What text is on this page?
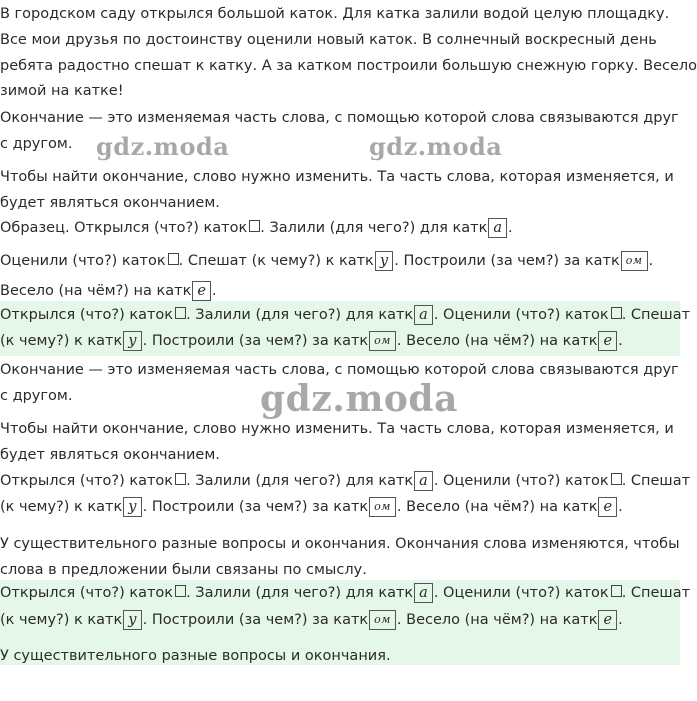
В городском саду открылся большой каток. Для катка залили водой целую площадку.
Все мои друзья по достоинству оценили новый каток. В солнечный воскресный день
ребята радостно спешат к катку. А за катком построили большую снежную горку. Весело
зимой на катке!
Окончание — это изменяемая часть слова, с помощью которой слова связываются друг
с другом.
Чтобы найти окончание, слово нужно изменить. Та часть слова, которая изменяется, и
будет являться окончанием.
Образец. Открылся (что?) каток . Залили (для чего?) для катк а .
Оценили (что?) каток . Спешат (к чему?) к катк у . Построили (за чем?) за катк ом .
Весело (на чём?) на катк е .
Открылся (что?) каток . Залили (для чего?) для катк а . Оценили (что?) каток . Спешат
(к чему?) к катк у . Построили (за чем?) за катк ом . Весело (на чём?) на катк е .
Окончание — это изменяемая часть слова, с помощью которой слова связываются друг
с другом.
Чтобы найти окончание, слово нужно изменить. Та часть слова, которая изменяется, и
будет являться окончанием.
Открылся (что?) каток . Залили (для чего?) для катк а . Оценили (что?) каток . Спешат
(к чему?) к катк у . Построили (за чем?) за катк ом . Весело (на чём?) на катк е .
У существительного разные вопросы и окончания. Окончания слова изменяются, чтобы
слова в предложении были связаны по смыслу.
Открылся (что?) каток . Залили (для чего?) для катк а . Оценили (что?) каток . Спешат
(к чему?) к катк у . Построили (за чем?) за катк ом . Весело (на чём?) на катк е .
У существительного разные вопросы и окончания.
gdz.moda	gdz.moda
gdz.moda
